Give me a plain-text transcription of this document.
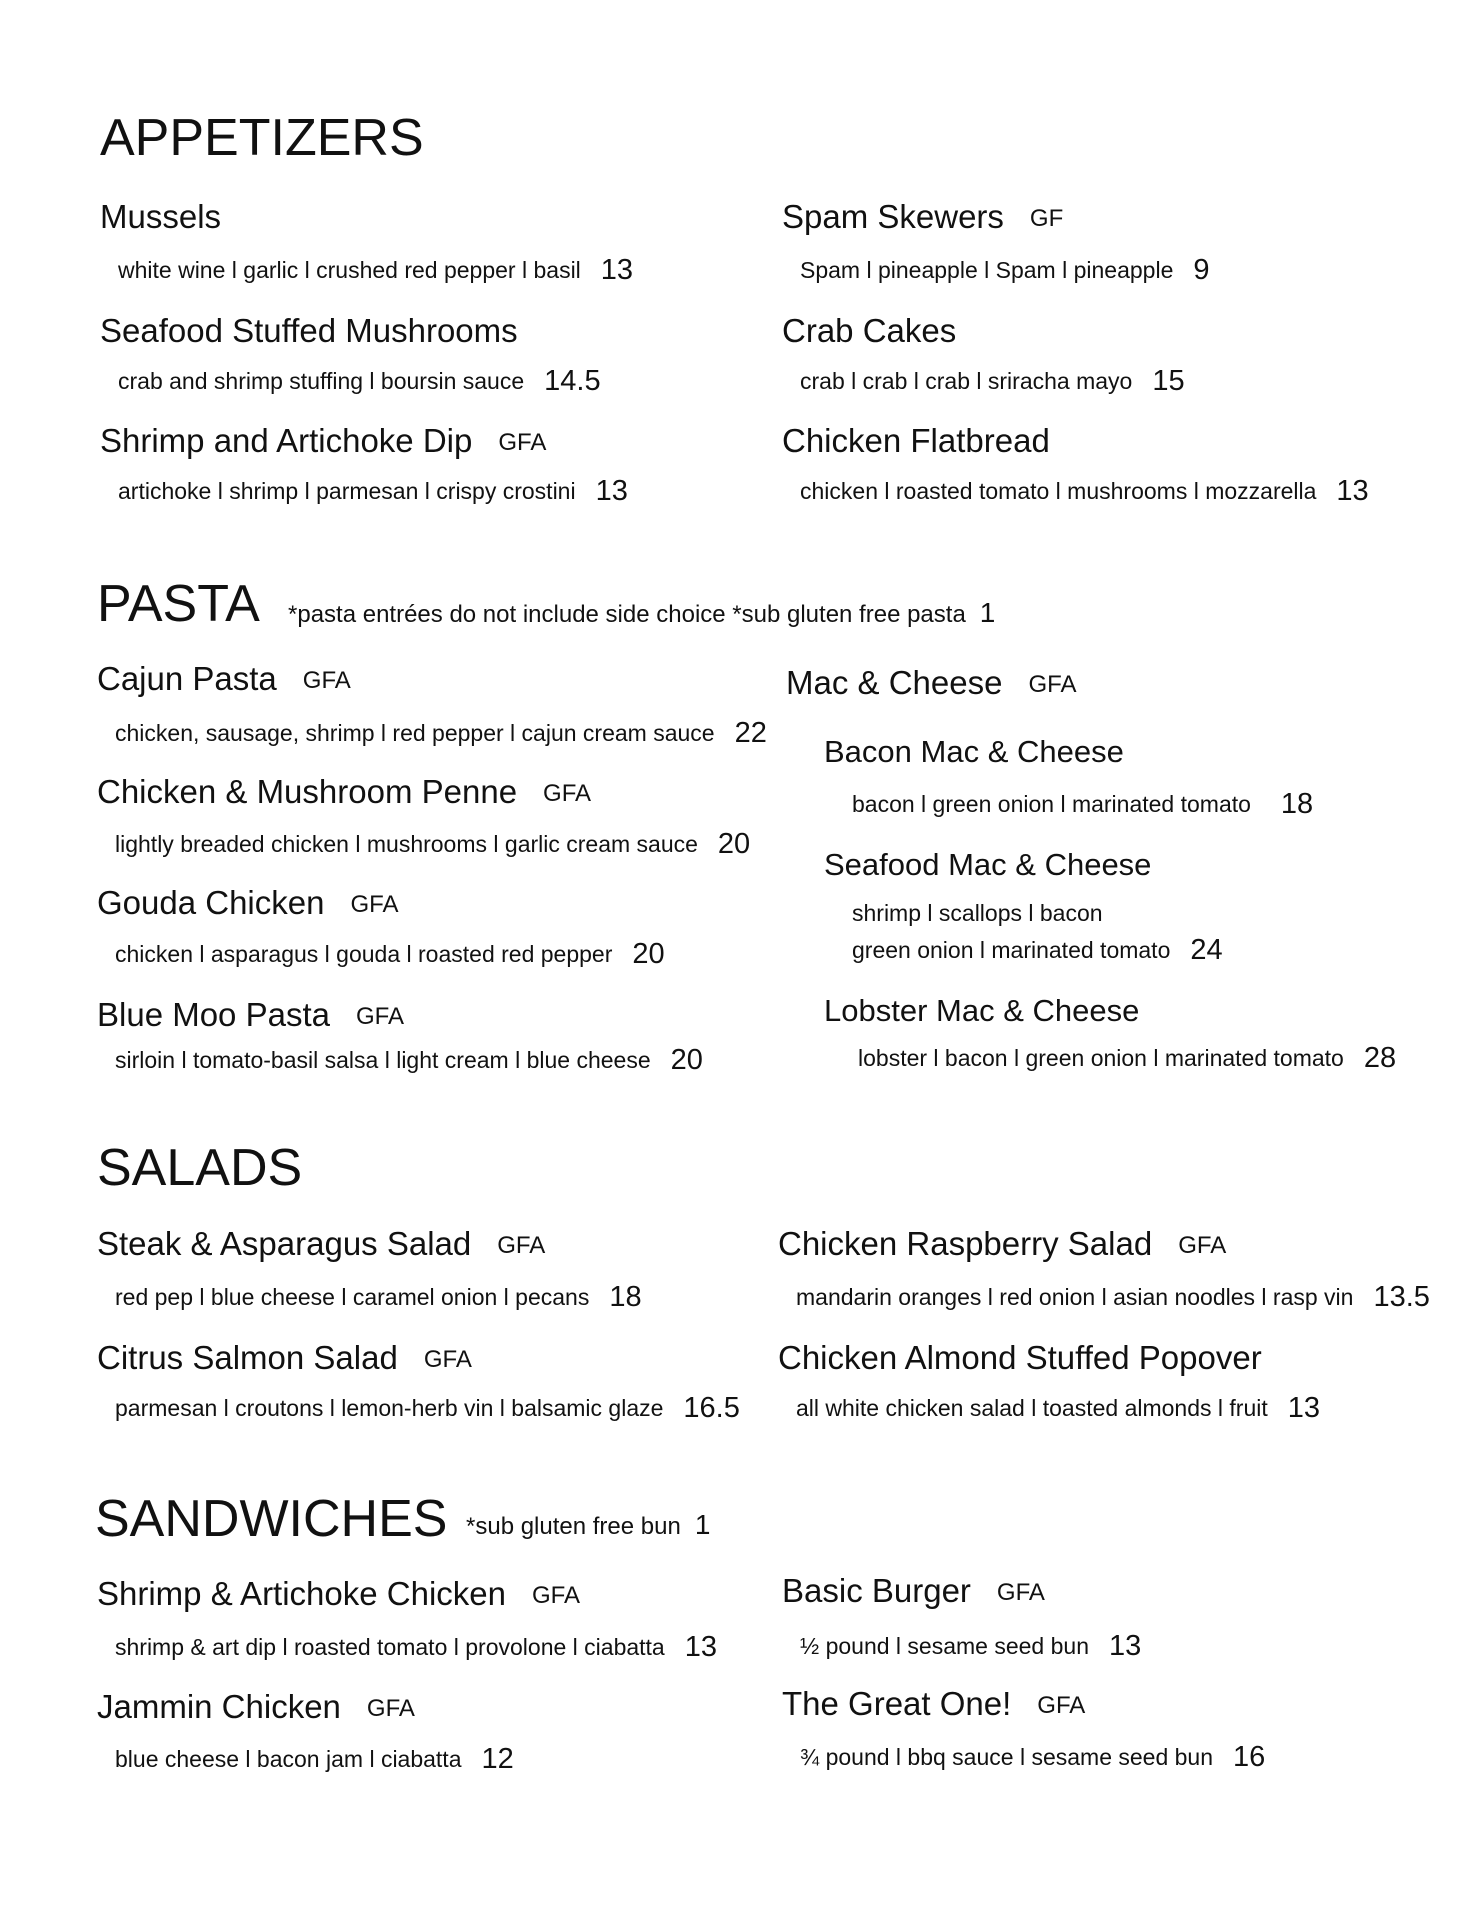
APPETIZERS
Mussels
white wine l garlic l crushed red pepper l basil 13
Seafood Stuffed Mushrooms
crab and shrimp stuffing l boursin sauce 14.5
Shrimp and Artichoke Dip GFA
artichoke l shrimp l parmesan l crispy crostini 13
Spam Skewers GF
Spam l pineapple l Spam l pineapple 9
Crab Cakes
crab l crab l crab l sriracha mayo 15
Chicken Flatbread
chicken l roasted tomato l mushrooms l mozzarella 13
PASTA *pasta entrées do not include side choice *sub gluten free pasta 1
Cajun Pasta GFA
chicken, sausage, shrimp l red pepper l cajun cream sauce 22
Chicken & Mushroom Penne GFA
lightly breaded chicken l mushrooms l garlic cream sauce 20
Gouda Chicken GFA
chicken l asparagus l gouda l roasted red pepper 20
Blue Moo Pasta GFA
sirloin l tomato-basil salsa l light cream l blue cheese 20
Mac & Cheese GFA
Bacon Mac & Cheese
bacon l green onion l marinated tomato 18
Seafood Mac & Cheese
shrimp l scallops l bacon
green onion l marinated tomato 24
Lobster Mac & Cheese
lobster l bacon l green onion l marinated tomato 28
SALADS
Steak & Asparagus Salad GFA
red pep l blue cheese l caramel onion l pecans 18
Citrus Salmon Salad GFA
parmesan l croutons l lemon-herb vin l balsamic glaze 16.5
Chicken Raspberry Salad GFA
mandarin oranges l red onion l asian noodles l rasp vin 13.5
Chicken Almond Stuffed Popover
all white chicken salad l toasted almonds l fruit 13
SANDWICHES *sub gluten free bun 1
Shrimp & Artichoke Chicken GFA
shrimp & art dip l roasted tomato l provolone l ciabatta 13
Jammin Chicken GFA
blue cheese l bacon jam l ciabatta 12
Basic Burger GFA
½ pound l sesame seed bun 13
The Great One! GFA
¾ pound l bbq sauce l sesame seed bun 16
